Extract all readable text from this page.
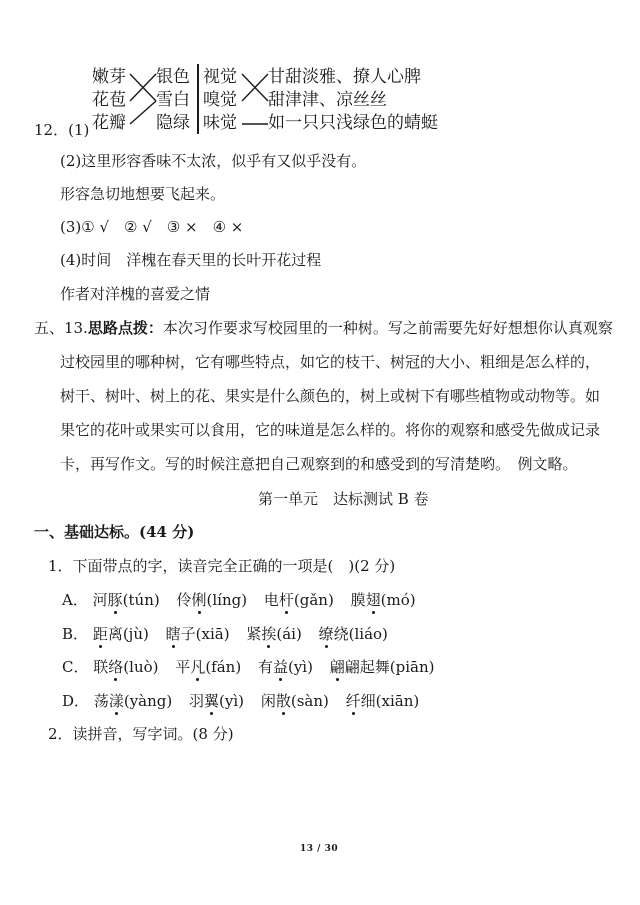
嫩芽
花苞
花瓣
银色
雪白
隐绿
视觉
嗅觉
味觉
甘甜淡雅、撩人心脾
甜津津、凉丝丝
如一只只浅绿色的蜻蜓
12．(1)
(2)这里形容香味不太浓，似乎有又似乎没有。
形容急切地想要飞起来。
(3)① √　② √　③ ×　④ ×
(4)时间　洋槐在春天里的长叶开花过程
作者对洋槐的喜爱之情
五、13.思路点拨：本次习作要求写校园里的一种树。写之前需要先好好想想你认真观察
过校园里的哪种树，它有哪些特点，如它的枝干、树冠的大小、粗细是怎么样的，
树干、树叶、树上的花、果实是什么颜色的，树上或树下有哪些植物或动物等。如
果它的花叶或果实可以食用，它的味道是怎么样的。将你的观察和感受先做成记录
卡，再写作文。写的时候注意把自己观察到的和感受到的写清楚哟。　例文略。
第一单元　达标测试 B 卷
一、基础达标。(44 分)
1．下面带点的字，读音完全正确的一项是(　)(2 分)
A． 河豚(tún) 伶俐(líng) 电杆(gǎn) 膜翅(mó)
B． 距离(jù) 瞎子(xiā) 紧挨(ái) 缭绕(liáo)
C． 联络(luò) 平凡(fán) 有益(yì) 翩翩起舞(piān)
D． 荡漾(yàng) 羽翼(yì) 闲散(sàn) 纤细(xiān)
2．读拼音，写字词。(8 分)
13 / 30
